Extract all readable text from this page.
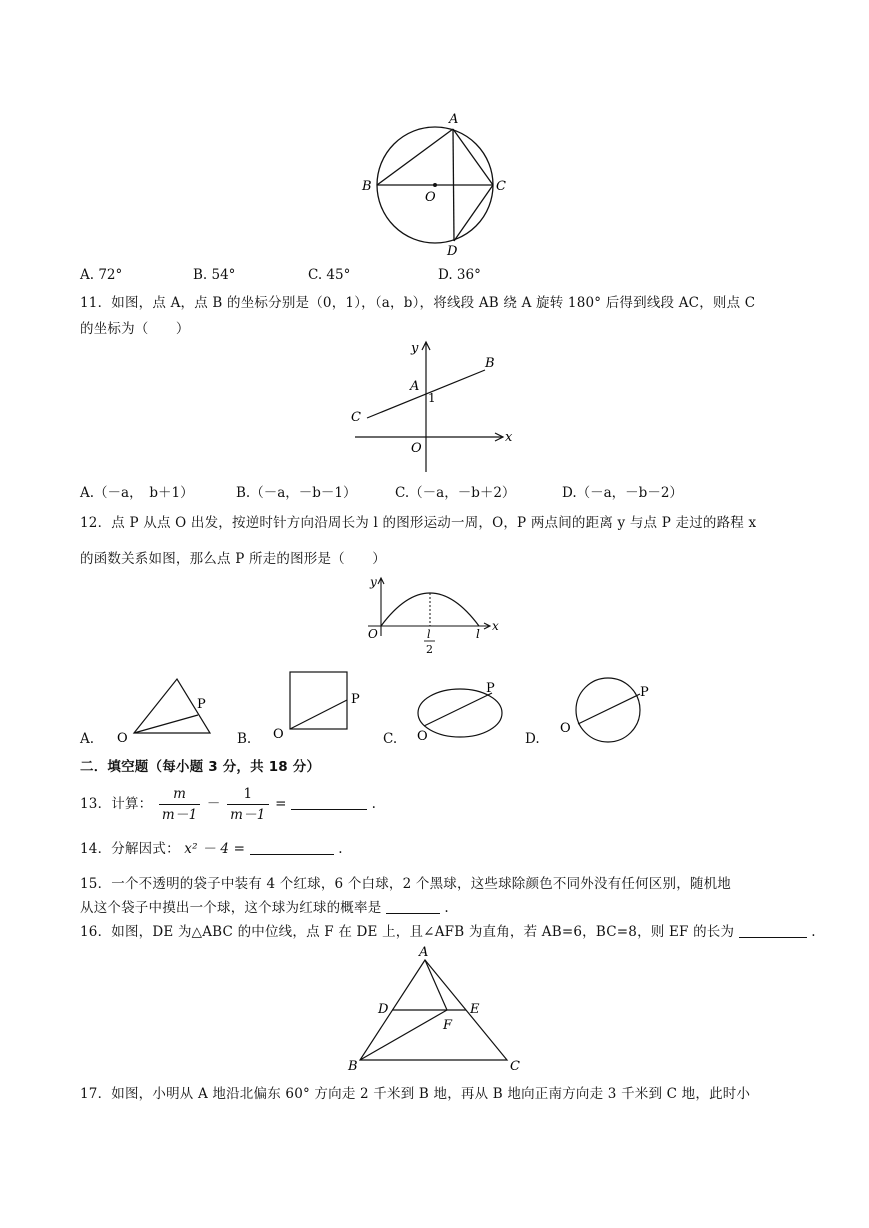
A
B	C
D
O
A. 72°	B. 54°	C. 45°	D. 36°
11．如图，点 A，点 B 的坐标分别是（0，1），（a，b），将线段 AB 绕 A 旋转 180° 后得到线段 AC，则点 C
的坐标为（　　）
y
x
B
A
1
C
O
A.（－a，　b＋1）	B.（－a，－b－1）	C.（－a，－b＋2）	D.（－a，－b－2）
12．点 P 从点 O 出发，按逆时针方向沿周长为 l 的图形运动一周，O，P 两点间的距离 y 与点 P 走过的路程 x
的函数关系如图，那么点 P 所走的图形是（　　）
y
x
O	l
2
l
A. O
P
B. O
P
C. O
P
D.
O
P
二．填空题（每小题 3 分，共 18 分）
13．计算： $\frac{m}{m-1} - \frac{1}{m-1}$ =	.
14．分解因式： x² － 4 =	.
15．一个不透明的袋子中装有 4 个红球，6 个白球，2 个黑球，这些球除颜色不同外没有任何区别，随机地
从这个袋子中摸出一个球，这个球为红球的概率是	.
16．如图，DE 为△ABC 的中位线，点 F 在 DE 上，且∠AFB 为直角，若 AB=6，BC=8，则 EF 的长为	.
A
B	C
D	E
F
17．如图，小明从 A 地沿北偏东 60° 方向走 2 千米到 B 地，再从 B 地向正南方向走 3 千米到 C 地，此时小
